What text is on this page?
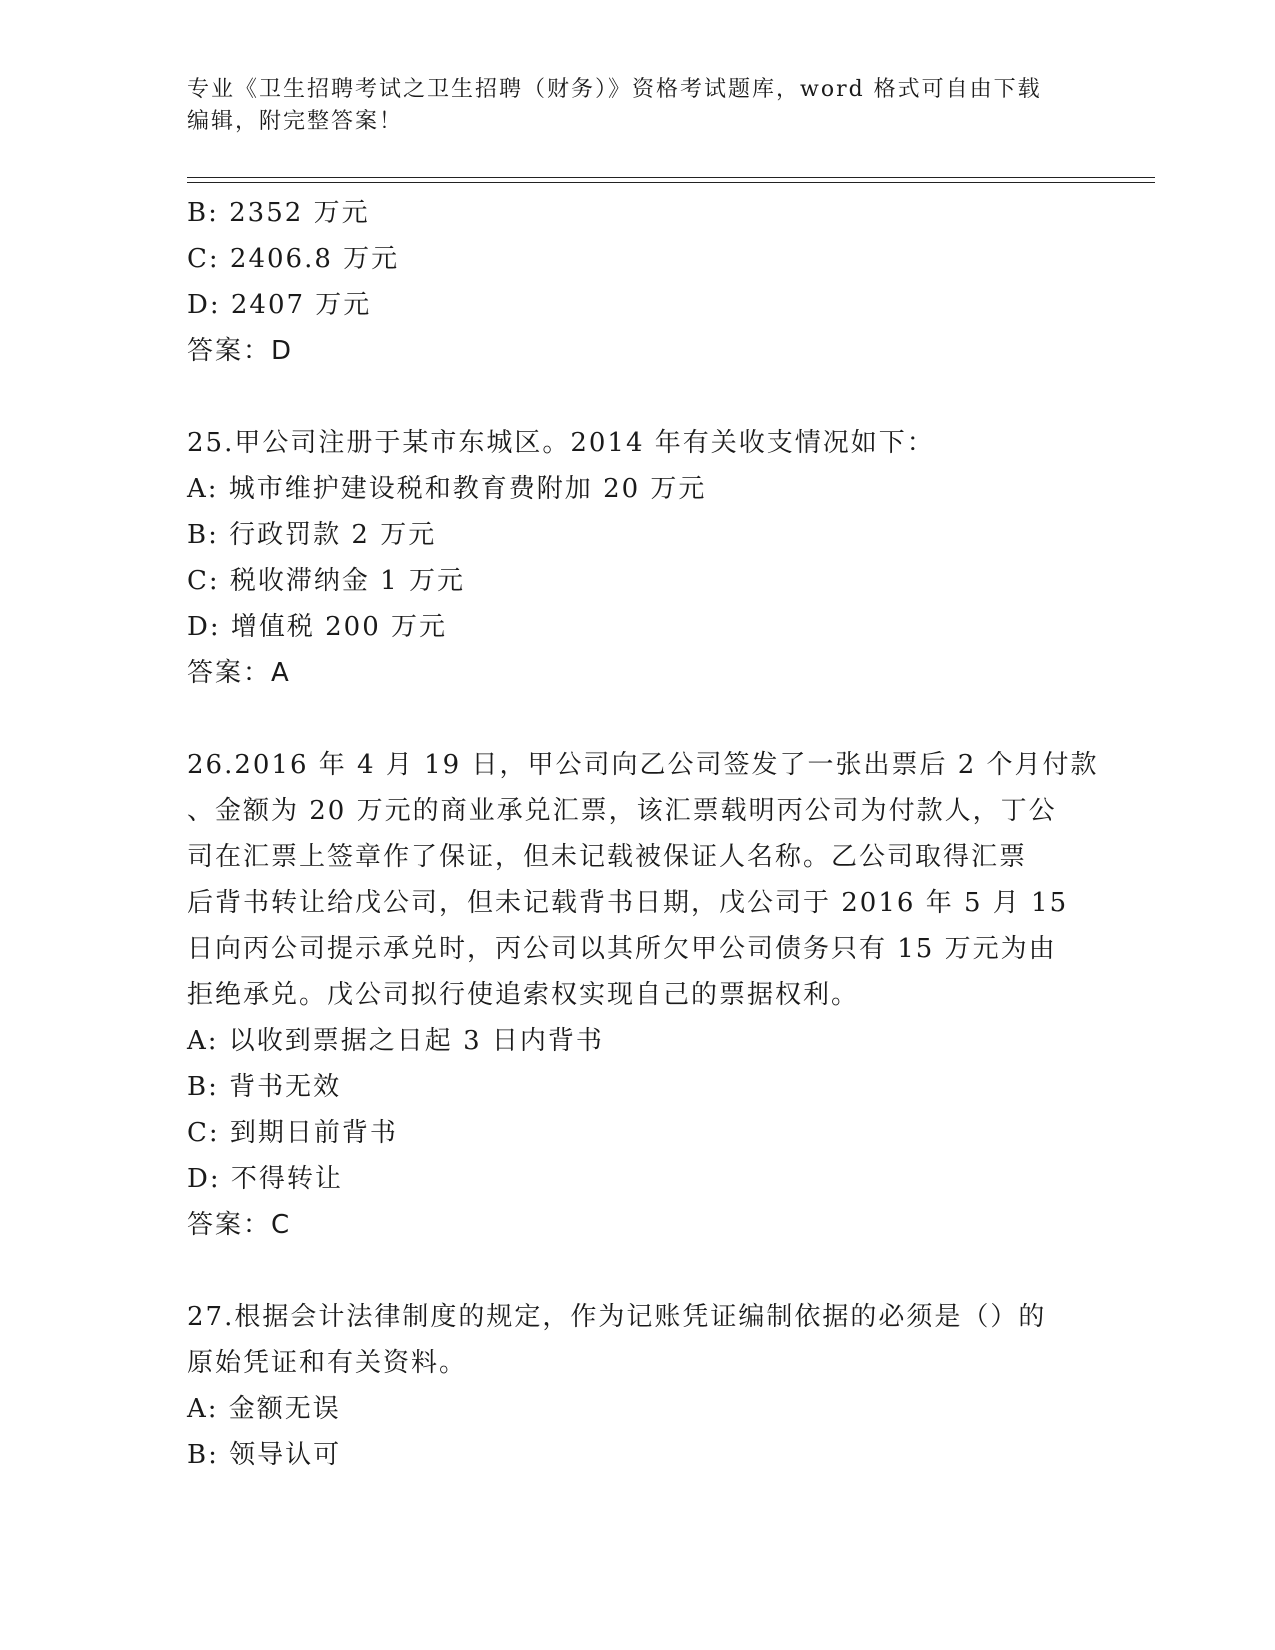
专业《卫生招聘考试之卫生招聘（财务）》资格考试题库，word 格式可自由下载
编辑，附完整答案！
B: 2352 万元
C: 2406.8 万元
D: 2407 万元
答案：D
25.甲公司注册于某市东城区。2014 年有关收支情况如下：
A: 城市维护建设税和教育费附加 20 万元
B: 行政罚款 2 万元
C: 税收滞纳金 1 万元
D: 增值税 200 万元
答案：A
26.2016 年 4 月 19 日，甲公司向乙公司签发了一张出票后 2 个月付款
、金额为 20 万元的商业承兑汇票，该汇票载明丙公司为付款人，丁公
司在汇票上签章作了保证，但未记载被保证人名称。乙公司取得汇票
后背书转让给戊公司，但未记载背书日期，戊公司于 2016 年 5 月 15
日向丙公司提示承兑时，丙公司以其所欠甲公司债务只有 15 万元为由
拒绝承兑。戊公司拟行使追索权实现自己的票据权利。
A: 以收到票据之日起 3 日内背书
B: 背书无效
C: 到期日前背书
D: 不得转让
答案：C
27.根据会计法律制度的规定，作为记账凭证编制依据的必须是（）的
原始凭证和有关资料。
A: 金额无误
B: 领导认可
